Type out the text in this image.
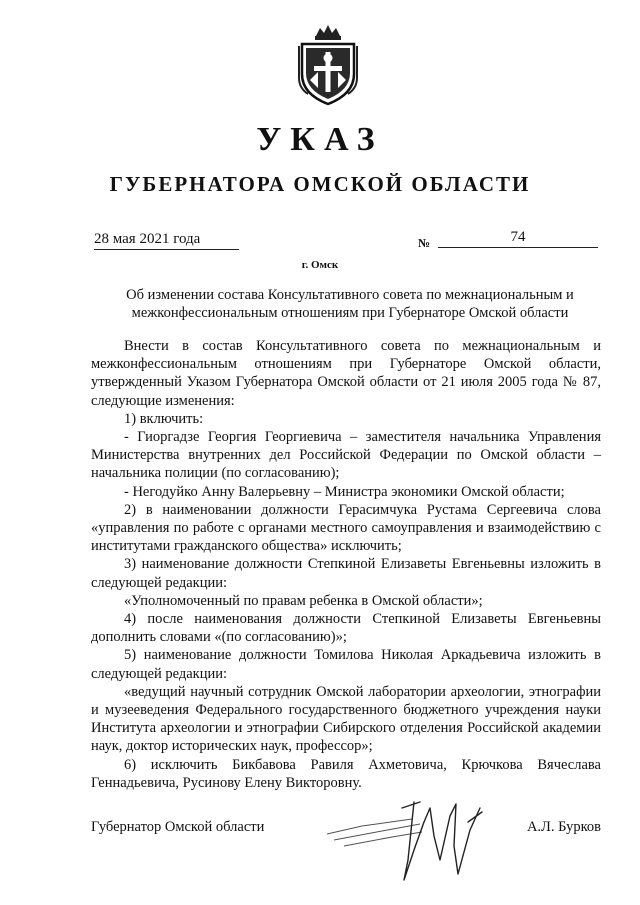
УКАЗ
ГУБЕРНАТОРА ОМСКОЙ ОБЛАСТИ
28 мая 2021 года	№	74
г. Омск
Об изменении состава Консультативного совета по межнациональным и межконфессиональным отношениям при Губернаторе Омской области

Внести в состав Консультативного совета по межнациональным и межконфессиональным отношениям при Губернаторе Омской области, утвержденный Указом Губернатора Омской области от 21 июля 2005 года № 87, следующие изменения:

1) включить:

- Гиоргадзе Георгия Георгиевича – заместителя начальника Управления Министерства внутренних дел Российской Федерации по Омской области – начальника полиции (по согласованию);

- Негодуйко Анну Валерьевну – Министра экономики Омской области;

2) в наименовании должности Герасимчука Рустама Сергеевича слова «управления по работе с органами местного самоуправления и взаимодействию с институтами гражданского общества» исключить;

3) наименование должности Степкиной Елизаветы Евгеньевны изложить в следующей редакции:

«Уполномоченный по правам ребенка в Омской области»;

4) после наименования должности Степкиной Елизаветы Евгеньевны дополнить словами «(по согласованию)»;

5) наименование должности Томилова Николая Аркадьевича изложить в следующей редакции:

«ведущий научный сотрудник Омской лаборатории археологии, этнографии и музееведения Федерального государственного бюджетного учреждения науки Института археологии и этнографии Сибирского отделения Российской академии наук, доктор исторических наук, профессор»;

6) исключить Бикбавова Равиля Ахметовича, Крючкова Вячеслава Геннадьевича, Русинову Елену Викторовну.

Губернатор Омской области	А.Л. Бурков
